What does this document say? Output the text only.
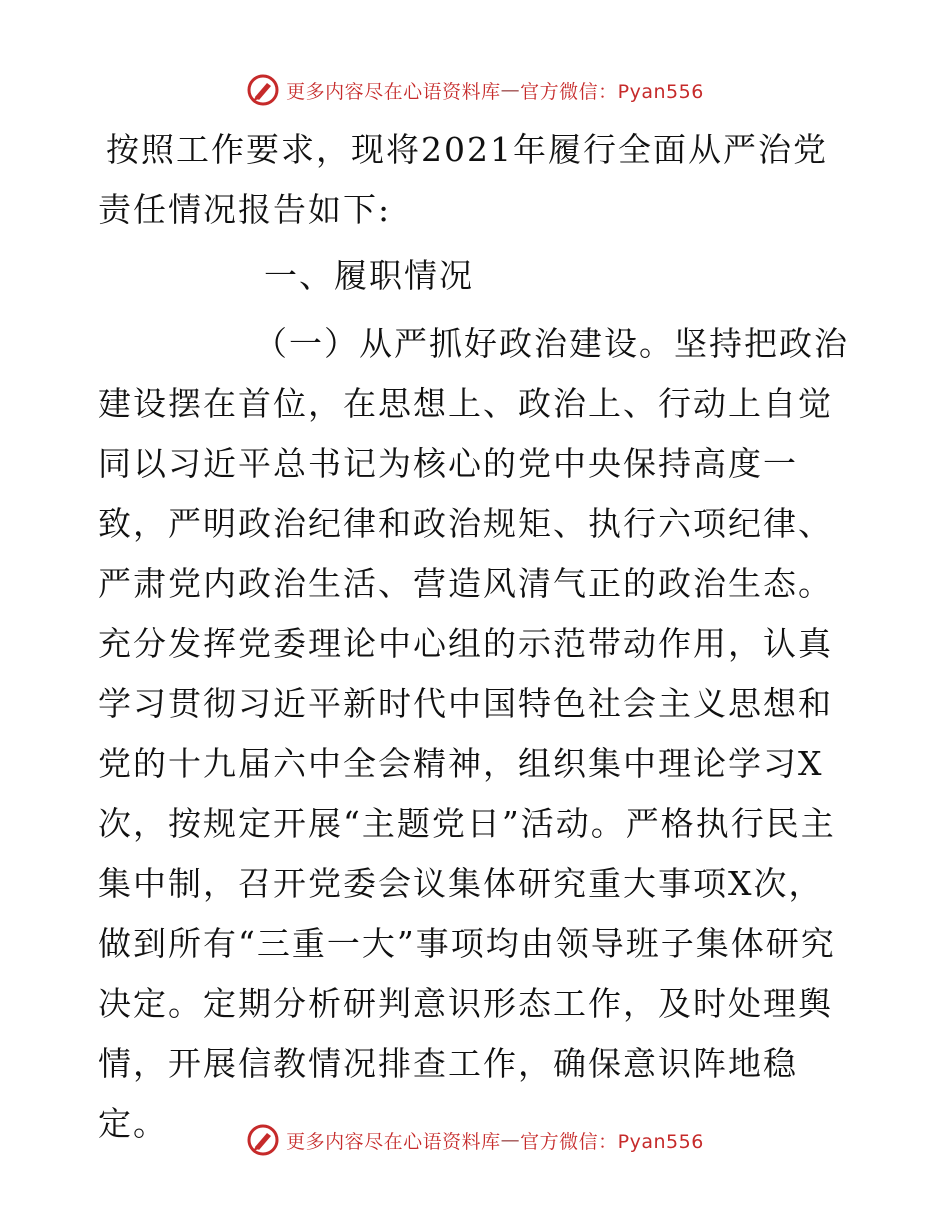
更多内容尽在心语资料库 — 官方微信：Pyan556

按照工作要求，现将2021年履行全面从严治党责任情况报告如下:

一、履职情况

（一）从严抓好政治建设。坚持把政治建设摆在首位，在思想上、政治上、行动上自觉同以习近平总书记为核心的党中央保持高度一致，严明政治纪律和政治规矩、执行六项纪律、严肃党内政治生活、营造风清气正的政治生态。充分发挥党委理论中心组的示范带动作用，认真学习贯彻习近平新时代中国特色社会主义思想和党的十九届六中全会精神，组织集中理论学习X次，按规定开展“主题党日”活动。严格执行民主集中制，召开党委会议集体研究重大事项X次，做到所有“三重一大”事项均由领导班子集体研究决定。定期分析研判意识形态工作，及时处理舆情，开展信教情况排查工作，确保意识阵地稳定。	更多内容尽在心语资料库 — 官方微信：Pyan556
